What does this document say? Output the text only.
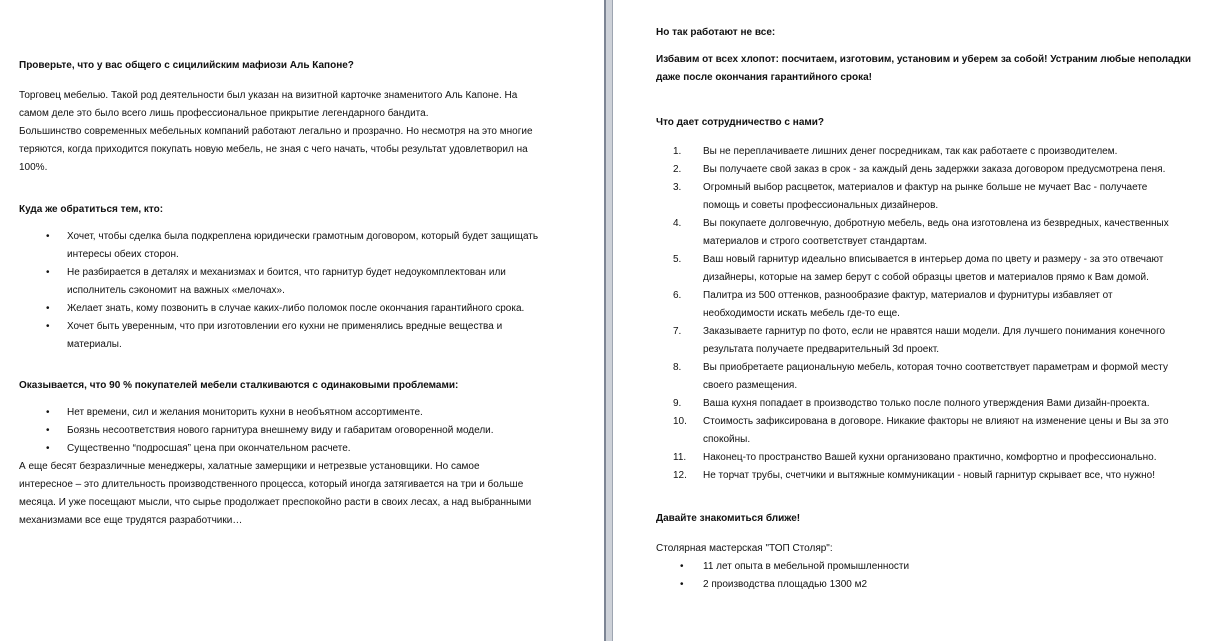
Проверьте, что у вас общего с сицилийским мафиози Аль Капоне?

Торговец мебелью. Такой род деятельности был указан на визитной карточке знаменитого Аль Капоне. На

самом деле это было всего лишь профессиональное прикрытие легендарного бандита.

Большинство современных мебельных компаний работают легально и прозрачно. Но несмотря на это многие

теряются, когда приходится покупать новую мебель, не зная с чего начать, чтобы результат удовлетворил на

100%.

Куда же обратиться тем, кто:

• Хочет, чтобы сделка была подкреплена юридически грамотным договором, который будет защищать

интересы обеих сторон.

• Не разбирается в деталях и механизмах и боится, что гарнитур будет недоукомплектован или

исполнитель сэкономит на важных «мелочах».

• Желает знать, кому позвонить в случае каких-либо поломок после окончания гарантийного срока.

• Хочет быть уверенным, что при изготовлении его кухни не применялись вредные вещества и

материалы.

Оказывается, что 90 % покупателей мебели сталкиваются с одинаковыми проблемами:

• Нет времени, сил и желания мониторить кухни в необъятном ассортименте.

• Боязнь несоответствия нового гарнитура внешнему виду и габаритам оговоренной модели.

• Существенно “подросшая” цена при окончательном расчете.

А еще бесят безразличные менеджеры, халатные замерщики и нетрезвые установщики. Но самое

интересное – это длительность производственного процесса, который иногда затягивается на три и больше

месяца. И уже посещают мысли, что сырье продолжает преспокойно расти в своих лесах, а над выбранными

механизмами все еще трудятся разработчики…

Но так работают не все:

Избавим от всех хлопот: посчитаем, изготовим, установим и уберем за собой! Устраним любые неполадки

даже после окончания гарантийного срока!

Что дает сотрудничество с нами?

1.	Вы не переплачиваете лишних денег посредникам, так как работаете с производителем.

2.	Вы получаете свой заказ в срок - за каждый день задержки заказа договором предусмотрена пеня.

3.	Огромный выбор расцветок, материалов и фактур на рынке больше не мучает Вас - получаете

помощь и советы профессиональных дизайнеров.

4.	Вы покупаете долговечную, добротную мебель, ведь она изготовлена из безвредных, качественных

материалов и строго соответствует стандартам.

5.	Ваш новый гарнитур идеально вписывается в интерьер дома по цвету и размеру - за это отвечают

дизайнеры, которые на замер берут с собой образцы цветов и материалов прямо к Вам домой.

6.	Палитра из 500 оттенков, разнообразие фактур, материалов и фурнитуры избавляет от

необходимости искать мебель где-то еще.

7.	Заказываете гарнитур по фото, если не нравятся наши модели. Для лучшего понимания конечного

результата получаете предварительный 3d проект.

8.	Вы приобретаете рациональную мебель, которая точно соответствует параметрам и формой месту

своего размещения.

9.	Ваша кухня попадает в производство только после полного утверждения Вами дизайн-проекта.

10. Стоимость зафиксирована в договоре. Никакие факторы не влияют на изменение цены и Вы за это

спокойны.

11. Наконец-то пространство Вашей кухни организовано практично, комфортно и профессионально.

12. Не торчат трубы, счетчики и вытяжные коммуникации - новый гарнитур скрывает все, что нужно!

Давайте знакомиться ближе!

Столярная мастерская "ТОП Столяр":

• 11 лет опыта в мебельной промышленности

• 2 производства площадью 1300 м2
